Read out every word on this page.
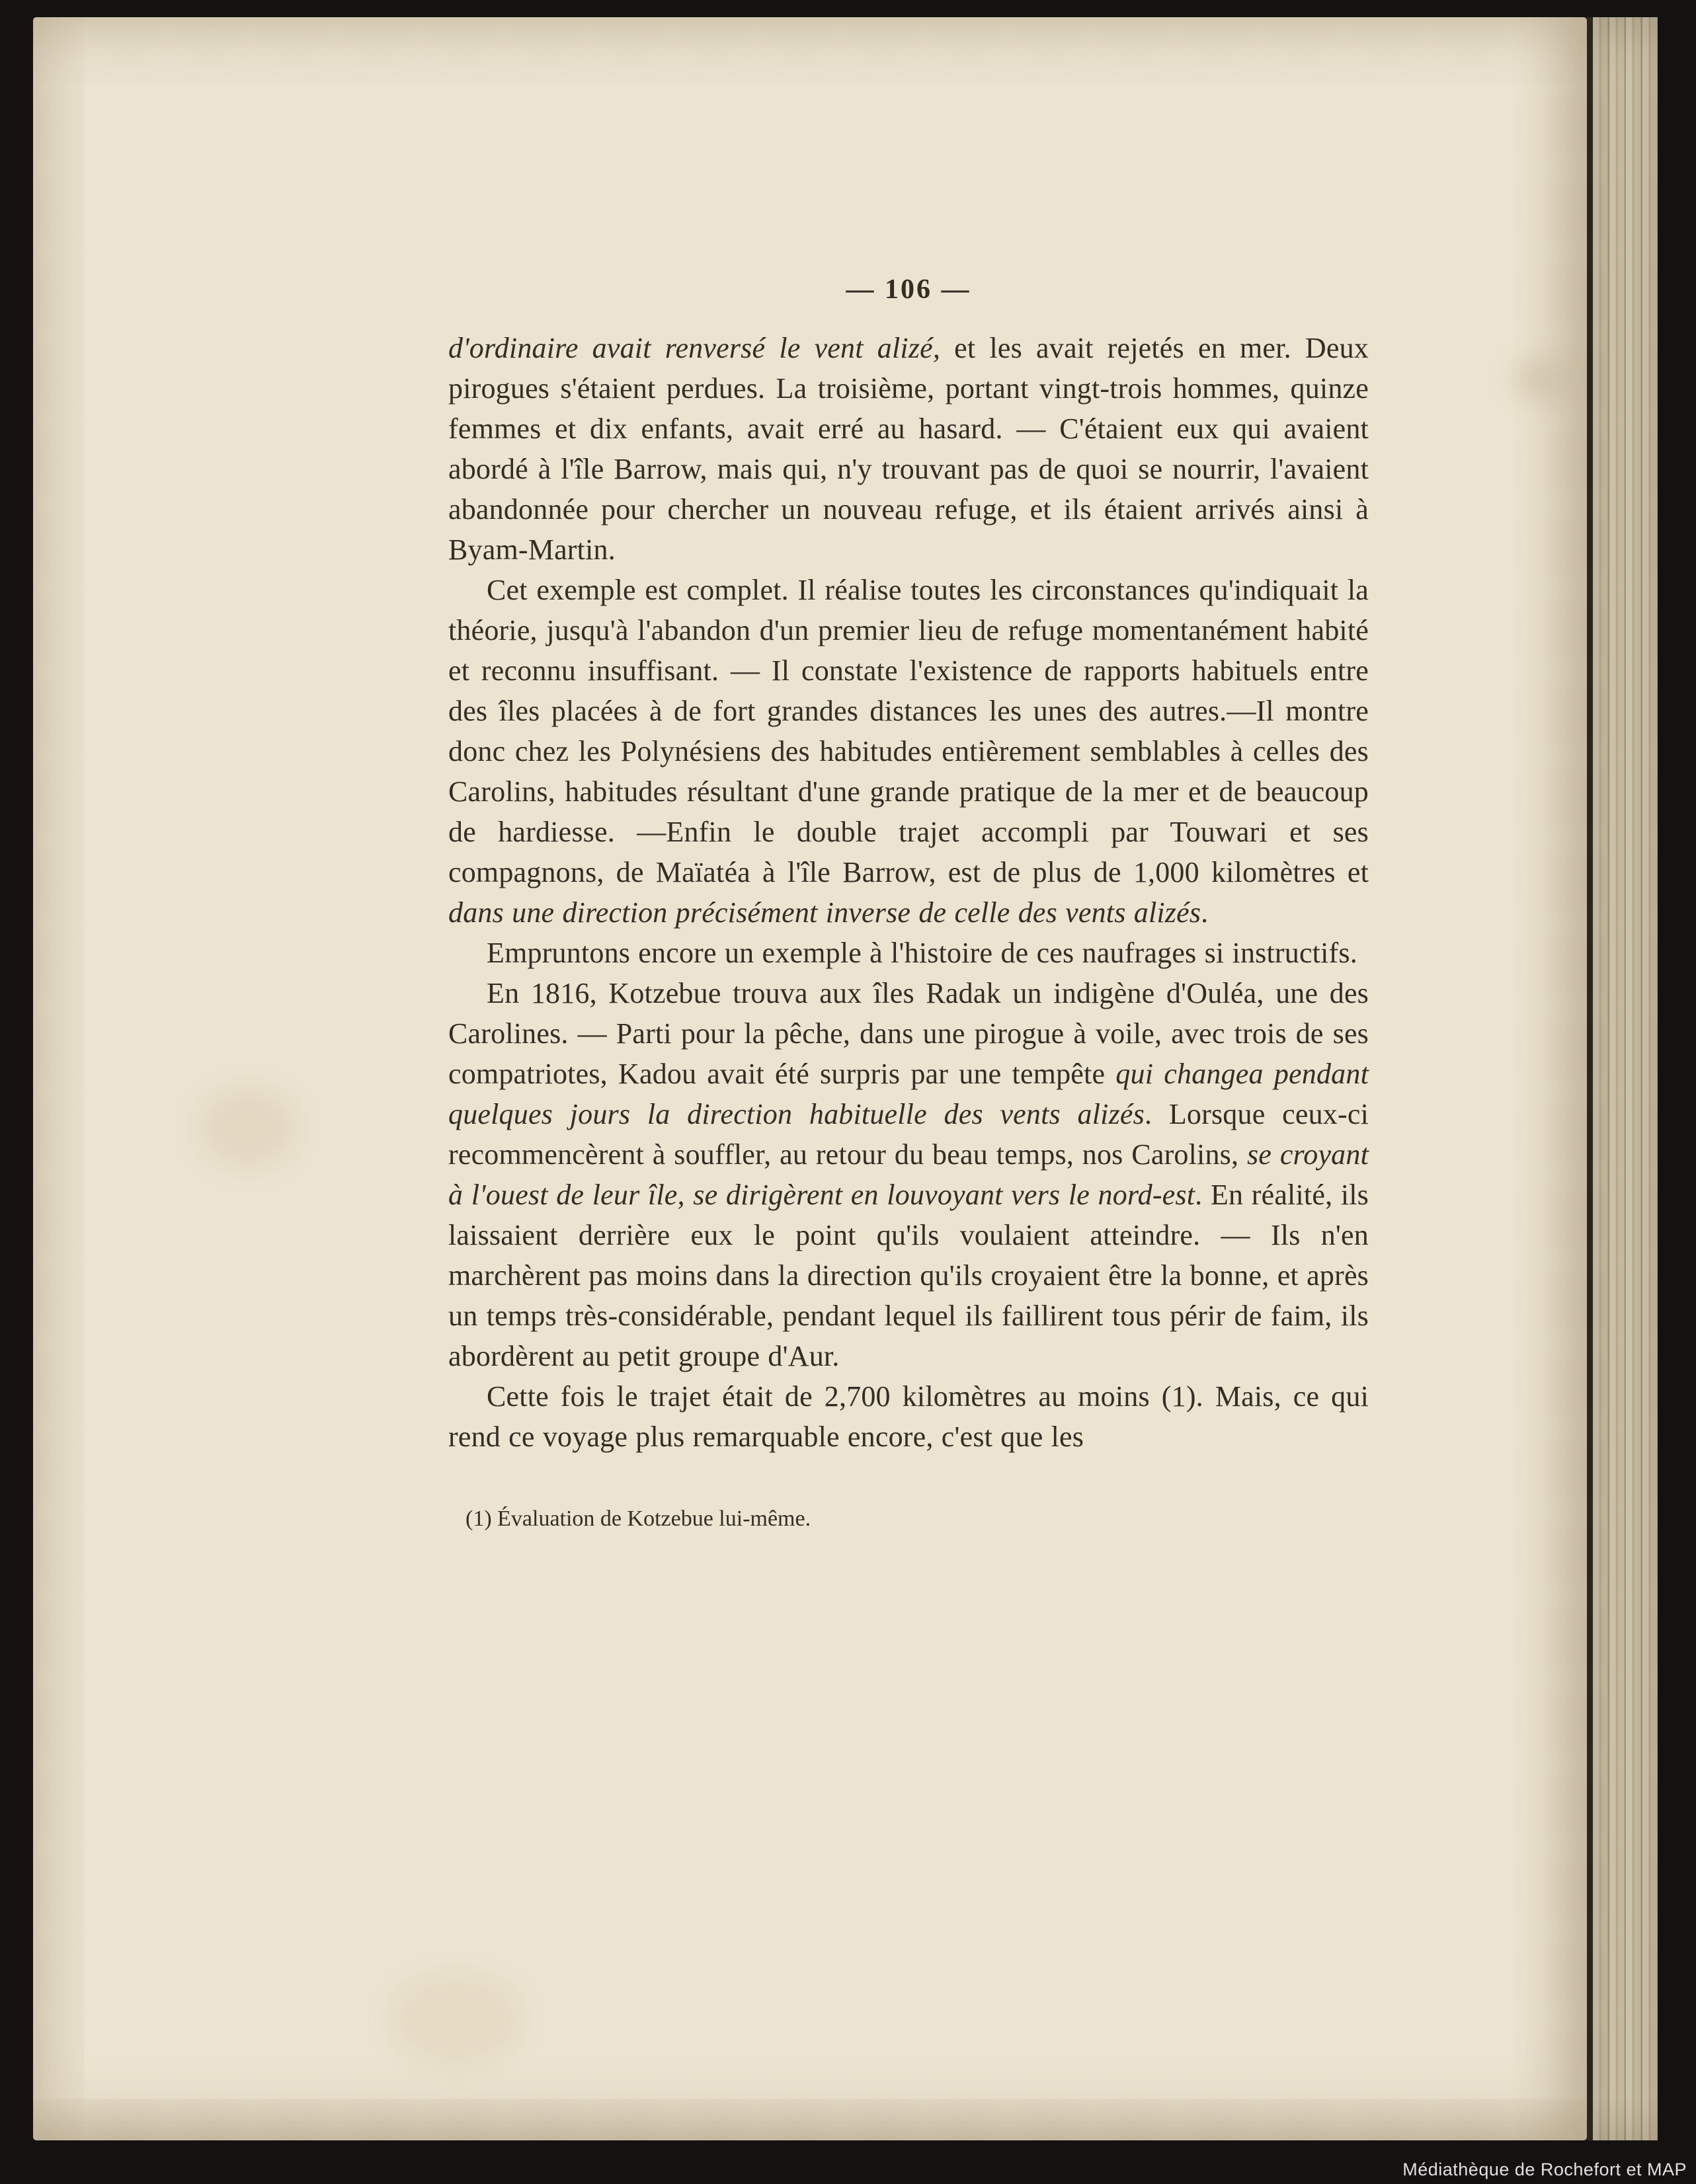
— 106 —

d'ordinaire avait renversé le vent alizé, et les avait rejetés en mer. Deux pirogues s'étaient perdues. La troisième, portant vingt-trois hommes, quinze femmes et dix enfants, avait erré au hasard. — C'étaient eux qui avaient abordé à l'île Barrow, mais qui, n'y trouvant pas de quoi se nourrir, l'avaient abandonnée pour chercher un nouveau refuge, et ils étaient arrivés ainsi à Byam-Martin.

Cet exemple est complet. Il réalise toutes les circonstances qu'indiquait la théorie, jusqu'à l'abandon d'un premier lieu de refuge momentanément habité et reconnu insuffisant. — Il constate l'existence de rapports habituels entre des îles placées à de fort grandes distances les unes des autres.—Il montre donc chez les Polynésiens des habitudes entièrement semblables à celles des Carolins, habitudes résultant d'une grande pratique de la mer et de beaucoup de hardiesse. —Enfin le double trajet accompli par Touwari et ses compagnons, de Maïatéa à l'île Barrow, est de plus de 1,000 kilomètres et dans une direction précisément inverse de celle des vents alizés.

Empruntons encore un exemple à l'histoire de ces naufrages si instructifs.

En 1816, Kotzebue trouva aux îles Radak un indigène d'Ouléa, une des Carolines. — Parti pour la pêche, dans une pirogue à voile, avec trois de ses compatriotes, Kadou avait été surpris par une tempête qui changea pendant quelques jours la direction habituelle des vents alizés. Lorsque ceux-ci recommencèrent à souffler, au retour du beau temps, nos Carolins, se croyant à l'ouest de leur île, se dirigèrent en louvoyant vers le nord-est. En réalité, ils laissaient derrière eux le point qu'ils voulaient atteindre. — Ils n'en marchèrent pas moins dans la direction qu'ils croyaient être la bonne, et après un temps très-considérable, pendant lequel ils faillirent tous périr de faim, ils abordèrent au petit groupe d'Aur.

Cette fois le trajet était de 2,700 kilomètres au moins (1). Mais, ce qui rend ce voyage plus remarquable encore, c'est que les

(1) Évaluation de Kotzebue lui-même.
Médiathèque de Rochefort et MAP
